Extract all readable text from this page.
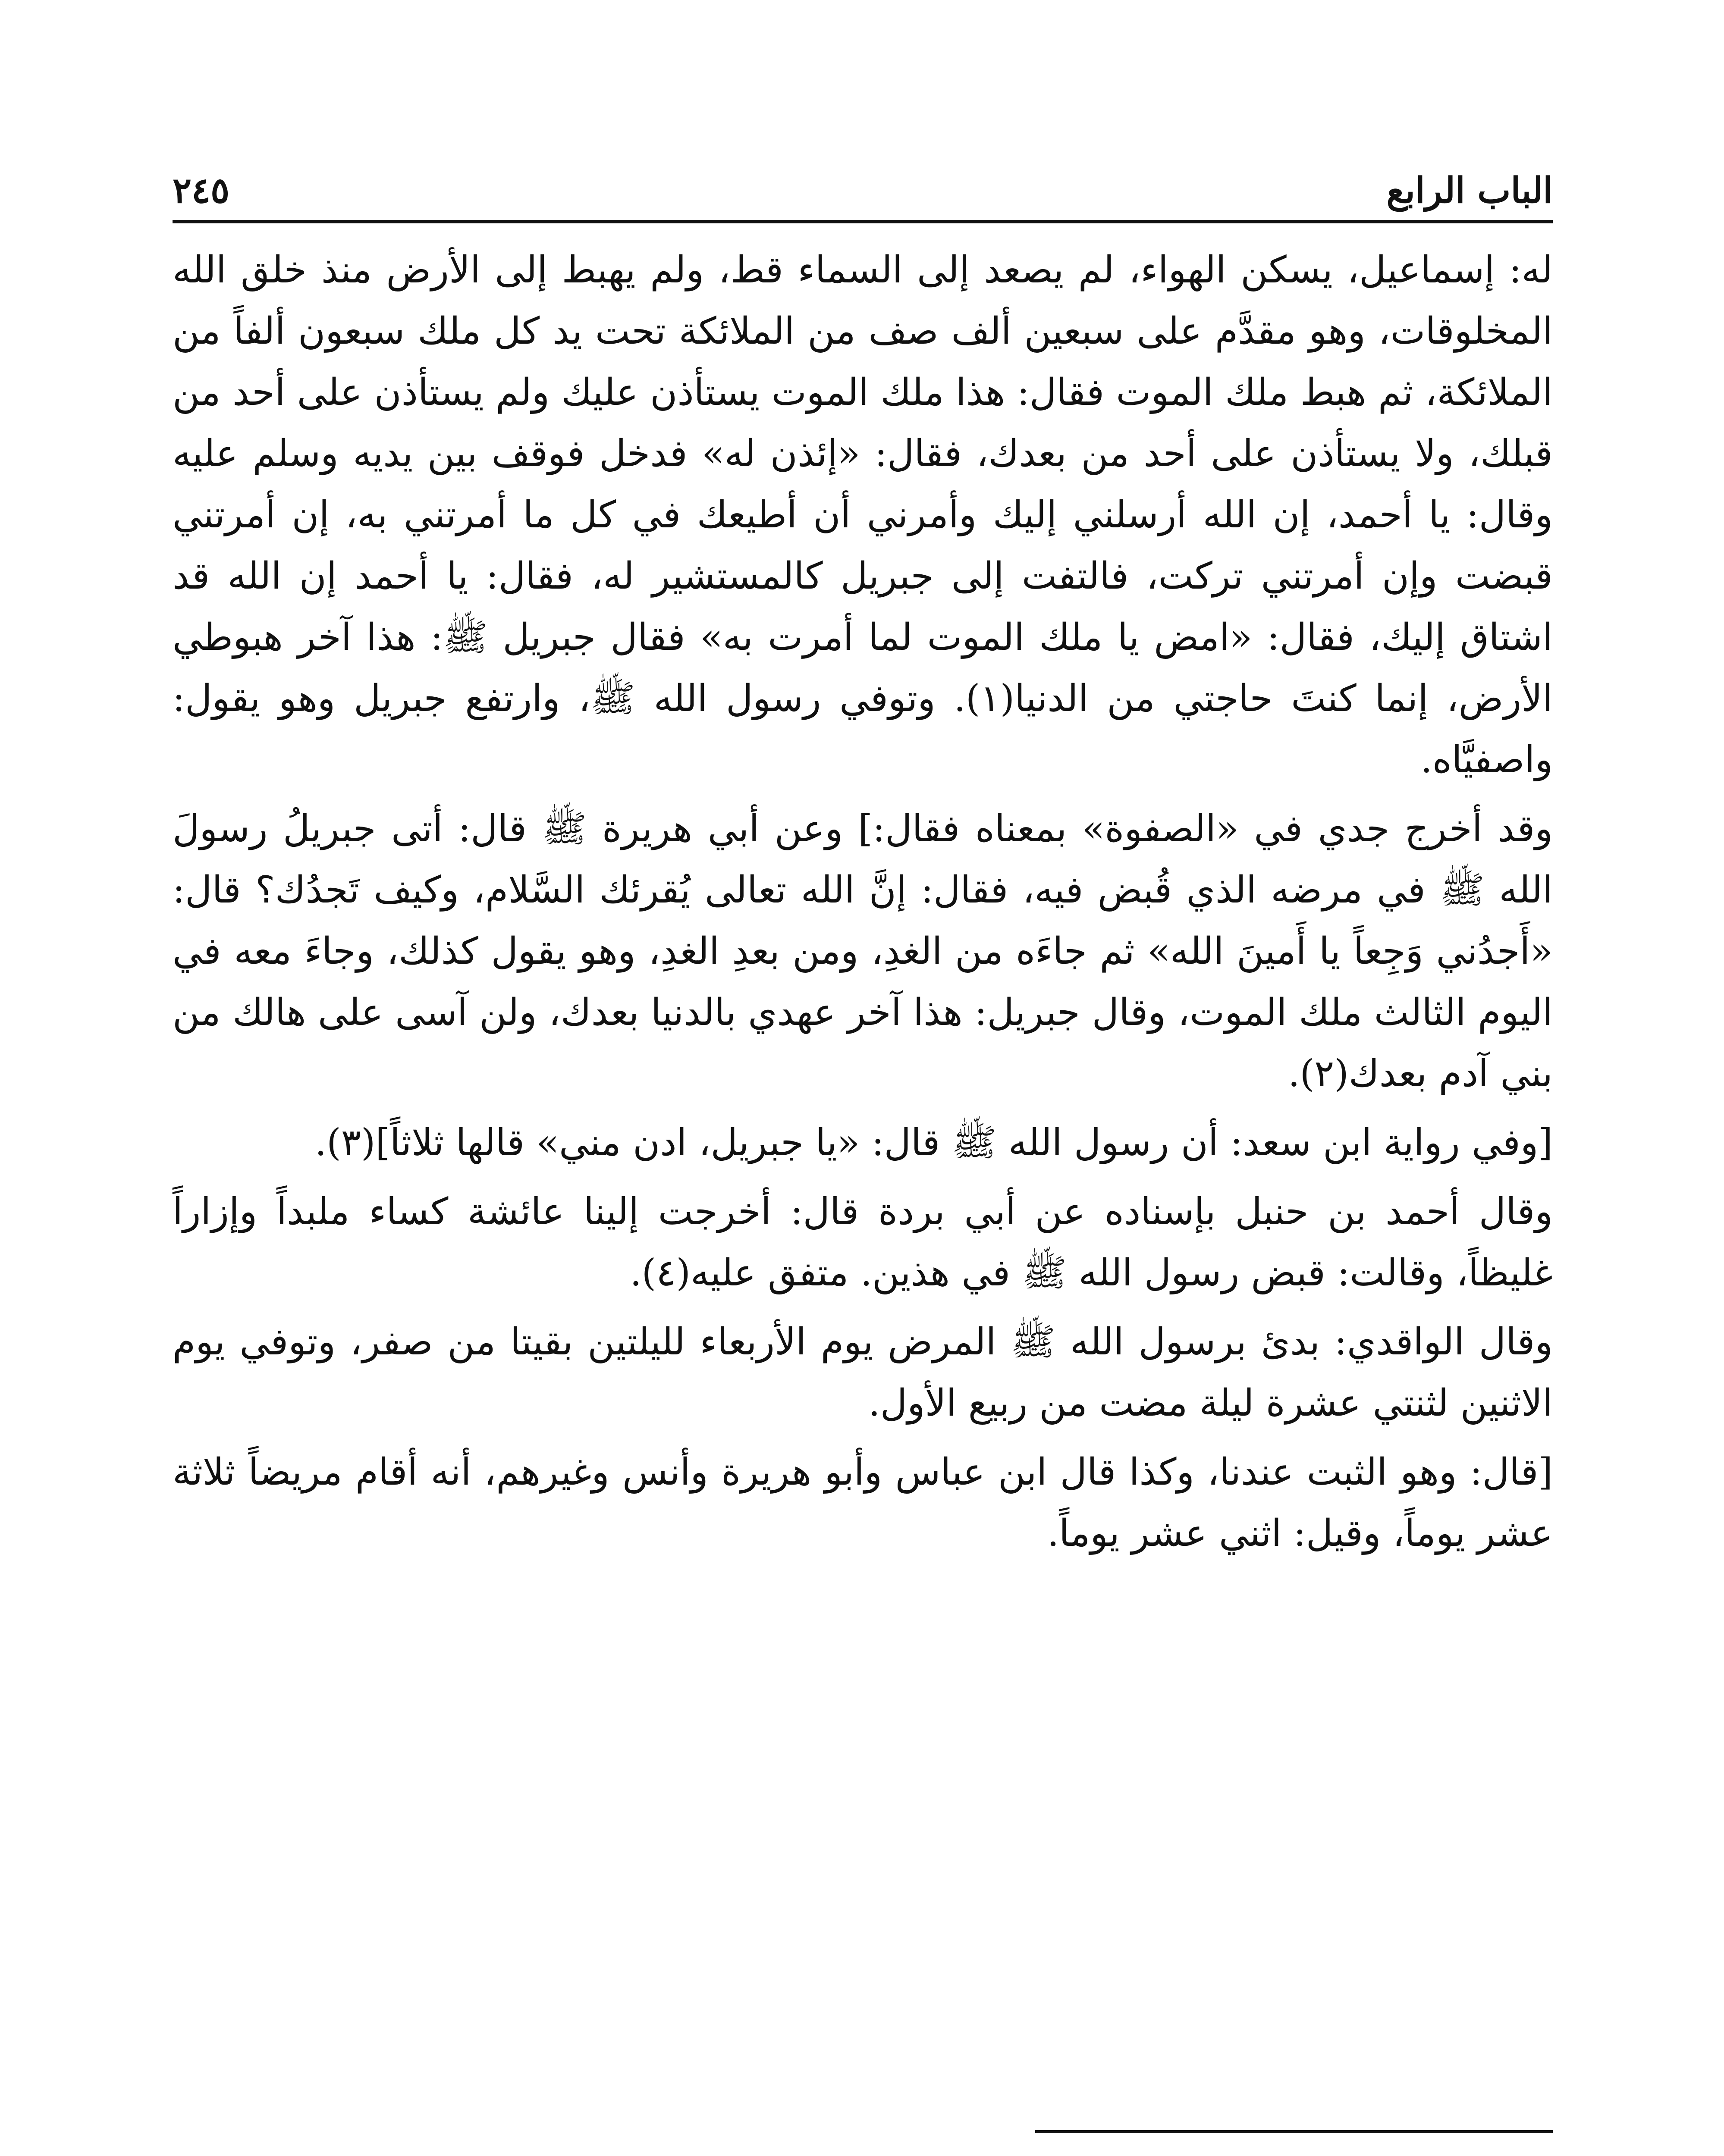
الباب الرابع
٢٤٥

له: إسماعيل، يسكن الهواء، لم يصعد إلى السماء قط، ولم يهبط إلى الأرض منذ خلق الله المخلوقات، وهو مقدَّم على سبعين ألف صف من الملائكة تحت يد كل ملك سبعون ألفاً من الملائكة، ثم هبط ملك الموت فقال: هذا ملك الموت يستأذن عليك ولم يستأذن على أحد من قبلك، ولا يستأذن على أحد من بعدك، فقال: «إئذن له» فدخل فوقف بين يديه وسلم عليه وقال: يا أحمد، إن الله أرسلني إليك وأمرني أن أطيعك في كل ما أمرتني به، إن أمرتني قبضت وإن أمرتني تركت، فالتفت إلى جبريل كالمستشير له، فقال: يا أحمد إن الله قد اشتاق إليك، فقال: «امض يا ملك الموت لما أمرت به» فقال جبريل ﷺ: هذا آخر هبوطي الأرض، إنما كنتَ حاجتي من الدنيا(١). وتوفي رسول الله ﷺ، وارتفع جبريل وهو يقول: واصفيَّاه.

وقد أخرج جدي في «الصفوة» بمعناه فقال:] وعن أبي هريرة ﷺ قال: أتى جبريلُ رسولَ الله ﷺ في مرضه الذي قُبض فيه، فقال: إنَّ الله تعالى يُقرئك السَّلام، وكيف تَجدُك؟ قال: «أَجدُني وَجِعاً يا أَمينَ الله» ثم جاءَه من الغدِ، ومن بعدِ الغدِ، وهو يقول كذلك، وجاءَ معه في اليوم الثالث ملك الموت، وقال جبريل: هذا آخر عهدي بالدنيا بعدك، ولن آسى على هالك من بني آدم بعدك(٢).

[وفي رواية ابن سعد: أن رسول الله ﷺ قال: «يا جبريل، ادن مني» قالها ثلاثاً](٣).

وقال أحمد بن حنبل بإسناده عن أبي بردة قال: أخرجت إلينا عائشة كساء ملبداً وإزاراً غليظاً، وقالت: قبض رسول الله ﷺ في هذين. متفق عليه(٤).

وقال الواقدي: بدئ برسول الله ﷺ المرض يوم الأربعاء لليلتين بقيتا من صفر، وتوفي يوم الاثنين لثنتي عشرة ليلة مضت من ربيع الأول.

[قال: وهو الثبت عندنا، وكذا قال ابن عباس وأبو هريرة وأنس وغيرهم، أنه أقام مريضاً ثلاثة عشر يوماً، وقيل: اثني عشر يوماً.
